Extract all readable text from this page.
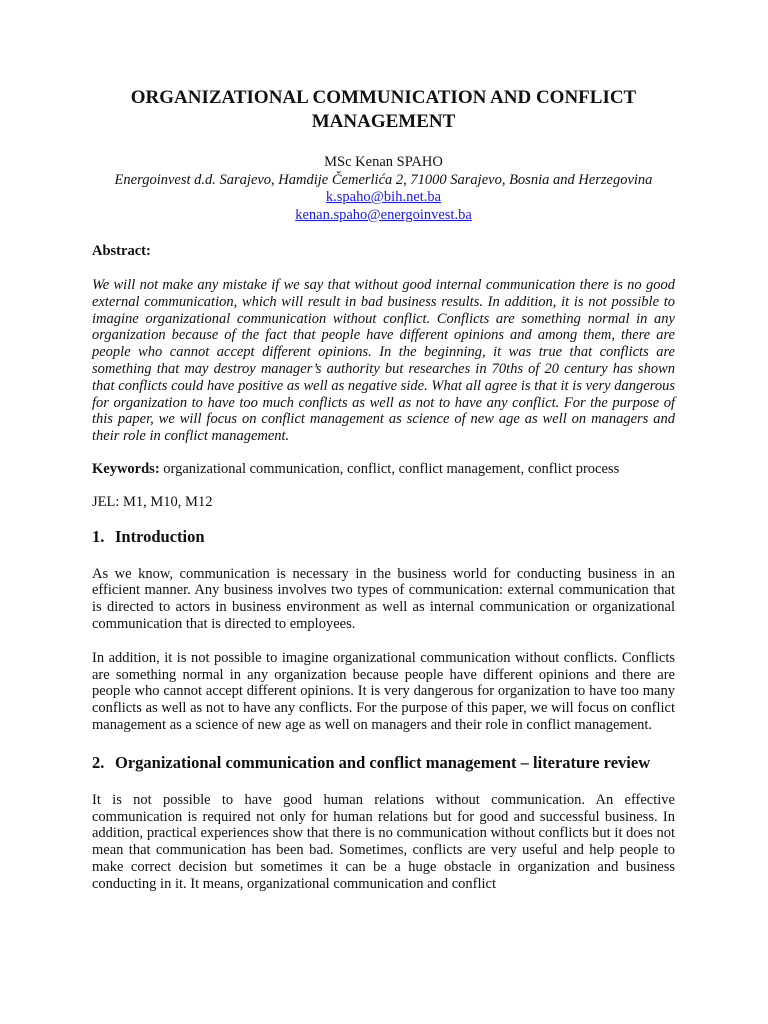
ORGANIZATIONAL COMMUNICATION AND CONFLICT
MANAGEMENT
MSc Kenan SPAHO
Energoinvest d.d. Sarajevo, Hamdije Čemerlića 2, 71000 Sarajevo, Bosnia and Herzegovina
k.spaho@bih.net.ba
kenan.spaho@energoinvest.ba
Abstract:

We will not make any mistake if we say that without good internal communication there is no good external communication, which will result in bad business results. In addition, it is not possible to imagine organizational communication without conflict. Conflicts are something normal in any organization because of the fact that people have different opinions and among them, there are people who cannot accept different opinions. In the beginning, it was true that conflicts are something that may destroy manager’s authority but researches in 70ths of 20 century has shown that conflicts could have positive as well as negative side. What all agree is that it is very dangerous for organization to have too much conflicts as well as not to have any conflict. For the purpose of this paper, we will focus on conflict management as science of new age as well on managers and their role in conflict management.

Keywords: organizational communication, conflict, conflict management, conflict process

JEL: M1, M10, M12

1. Introduction

As we know, communication is necessary in the business world for conducting business in an efficient manner. Any business involves two types of communication: external communication that is directed to actors in business environment as well as internal communication or organizational communication that is directed to employees.

In addition, it is not possible to imagine organizational communication without conflicts. Conflicts are something normal in any organization because people have different opinions and there are people who cannot accept different opinions. It is very dangerous for organization to have too many conflicts as well as not to have any conflicts. For the purpose of this paper, we will focus on conflict management as a science of new age as well on managers and their role in conflict management.

2. Organizational communication and conflict management – literature review

It is not possible to have good human relations without communication. An effective communication is required not only for human relations but for good and successful business. In addition, practical experiences show that there is no communication without conflicts but it does not mean that communication has been bad. Sometimes, conflicts are very useful and help people to make correct decision but sometimes it can be a huge obstacle in organization and business conducting in it. It means, organizational communication and conflict
